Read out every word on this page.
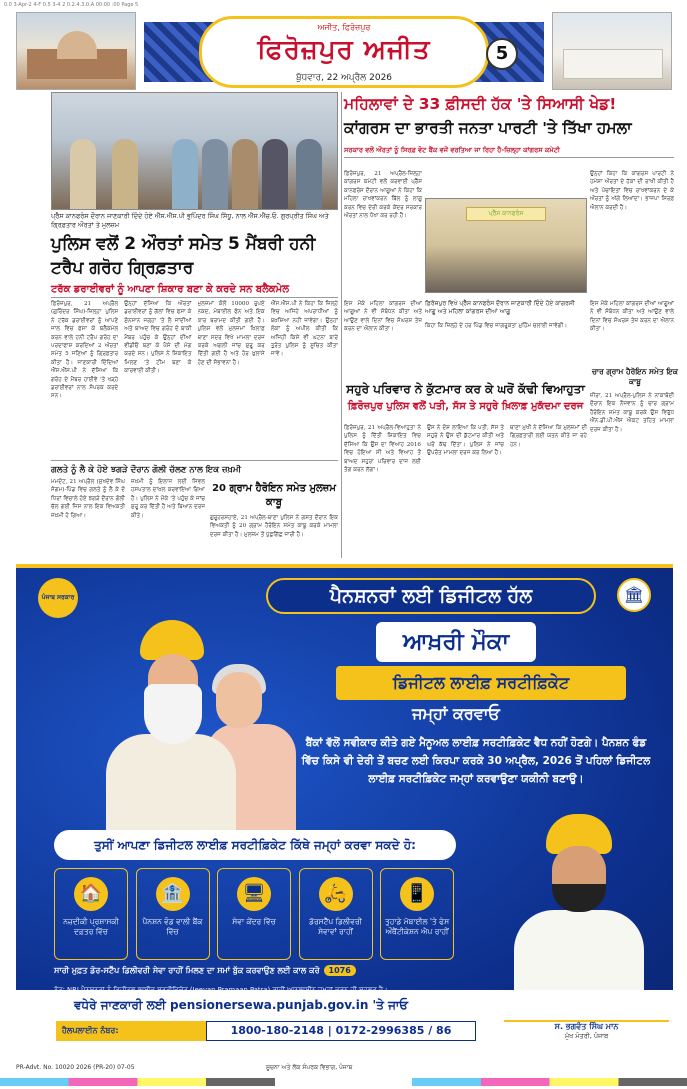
0.0 3-Apr-2 4-F 0.5 3-4 2 0.2.4.3.0.A 00:00 :00 Page 5
ਅਜੀਤ, ਫਿਰੋਜ਼ਪੁਰ
ਫਿਰੋਜ਼ਪੁਰ ਅਜੀਤ
ਬੁੱਧਵਾਰ, 22 ਅਪ੍ਰੈਲ 2026
5
ਪ੍ਰੈੱਸ ਕਾਨਫਰੰਸ ਦੌਰਾਨ ਜਾਣਕਾਰੀ ਦਿੰਦੇ ਹੋਏ ਐੱਸ.ਐੱਸ.ਪੀ ਭੁਪਿੰਦਰ ਸਿੰਘ ਸਿੱਧੂ, ਨਾਲ ਐੱਸ.ਐੱਚ.ਓ. ਗੁਰਪ੍ਰੀਤ ਸਿੰਘ ਅਤੇ ਗ੍ਰਿਫ਼ਤਾਰ ਔਰਤਾਂ ਤੇ ਮੁਲਜ਼ਮ
ਪੁਲਿਸ ਵਲੋਂ 2 ਔਰਤਾਂ ਸਮੇਤ 5 ਮੈਂਬਰੀ ਹਨੀ ਟਰੈਪ ਗਰੋਹ ਗ੍ਰਿਫ਼ਤਾਰ
ਟਰੱਕ ਡਰਾਈਵਰਾਂ ਨੂੰ ਆਪਣਾ ਸ਼ਿਕਾਰ ਬਣਾ ਕੇ ਕਰਦੇ ਸਨ ਬਲੈਕਮੇਲ
ਫ਼ਿਰੋਜ਼ਪੁਰ, 21 ਅਪ੍ਰੈਲ (ਗੁਰਿੰਦਰ ਸਿੰਘ)-ਜ਼ਿਲ੍ਹਾ ਪੁਲਿਸ ਨੇ ਟਰੱਕ ਡਰਾਈਵਰਾਂ ਨੂੰ ਆਪਣੇ ਜਾਲ ਵਿਚ ਫਸਾ ਕੇ ਬਲੈਕਮੇਲ ਕਰਨ ਵਾਲੇ ਹਨੀ ਟਰੈਪ ਗਰੋਹ ਦਾ ਪਰਦਾਫਾਸ਼ ਕਰਦਿਆਂ 2 ਔਰਤਾਂ ਸਮੇਤ 5 ਜਣਿਆਂ ਨੂੰ ਗ੍ਰਿਫ਼ਤਾਰ ਕੀਤਾ ਹੈ। ਜਾਣਕਾਰੀ ਦਿੰਦਿਆਂ ਐੱਸ.ਐੱਸ.ਪੀ ਨੇ ਦੱਸਿਆ ਕਿ ਗਰੋਹ ਦੇ ਮੈਂਬਰ ਹਾਈਵੇ 'ਤੇ ਖੜ੍ਹੇ ਡਰਾਈਵਰਾਂ ਨਾਲ ਸੰਪਰਕ ਕਰਦੇ ਸਨ।
ਉਨ੍ਹਾਂ ਦੱਸਿਆ ਕਿ ਔਰਤਾਂ ਡਰਾਈਵਰਾਂ ਨੂੰ ਗੱਲਾਂ ਵਿਚ ਫਸਾ ਕੇ ਸੁੰਨਸਾਨ ਜਗ੍ਹਾ 'ਤੇ ਲੈ ਜਾਂਦੀਆਂ ਅਤੇ ਬਾਅਦ ਵਿਚ ਗਰੋਹ ਦੇ ਬਾਕੀ ਮੈਂਬਰ ਪਹੁੰਚ ਕੇ ਉਨ੍ਹਾਂ ਦੀਆਂ ਵੀਡੀਓ ਬਣਾ ਕੇ ਪੈਸੇ ਦੀ ਮੰਗ ਕਰਦੇ ਸਨ। ਪੁਲਿਸ ਨੇ ਸ਼ਿਕਾਇਤ ਮਿਲਣ 'ਤੇ ਟੀਮ ਬਣਾ ਕੇ ਕਾਰਵਾਈ ਕੀਤੀ।
ਮੁਲਜ਼ਮਾਂ ਕੋਲੋਂ 10000 ਰੁਪਏ ਨਕਦ, ਮੋਬਾਈਲ ਫੋਨ ਅਤੇ ਇਕ ਕਾਰ ਬਰਾਮਦ ਕੀਤੀ ਗਈ ਹੈ। ਪੁਲਿਸ ਵਲੋਂ ਮੁਲਜ਼ਮਾਂ ਖ਼ਿਲਾਫ਼ ਥਾਣਾ ਸਦਰ ਵਿਖੇ ਮਾਮਲਾ ਦਰਜ ਕਰਕੇ ਅਗਲੀ ਜਾਂਚ ਸ਼ੁਰੂ ਕਰ ਦਿੱਤੀ ਗਈ ਹੈ ਅਤੇ ਹੋਰ ਖ਼ੁਲਾਸੇ ਹੋਣ ਦੀ ਸੰਭਾਵਨਾ ਹੈ।
ਐੱਸ.ਐੱਸ.ਪੀ ਨੇ ਕਿਹਾ ਕਿ ਜ਼ਿਲ੍ਹੇ ਵਿਚ ਅਜਿਹੇ ਅਪਰਾਧੀਆਂ ਨੂੰ ਬਖ਼ਸ਼ਿਆ ਨਹੀਂ ਜਾਵੇਗਾ। ਉਨ੍ਹਾਂ ਲੋਕਾਂ ਨੂੰ ਅਪੀਲ ਕੀਤੀ ਕਿ ਅਜਿਹੀ ਕਿਸੇ ਵੀ ਘਟਨਾ ਬਾਰੇ ਤੁਰੰਤ ਪੁਲਿਸ ਨੂੰ ਸੂਚਿਤ ਕੀਤਾ ਜਾਵੇ।
ਗਲਤੇ ਨੂੰ ਲੈ ਕੇ ਹੋਏ ਝਗੜੇ ਦੌਰਾਨ ਗੋਲੀ ਚੱਲਣ ਨਾਲ ਇਕ ਜ਼ਖ਼ਮੀ
ਮਮਦੋਟ, 21 ਅਪ੍ਰੈਲ (ਸੁਖਦੇਵ ਸਿੰਘ ਸੰਗਮ)-ਪਿੰਡ ਵਿਚ ਗਲਤੇ ਨੂੰ ਲੈ ਕੇ ਦੋ ਧਿਰਾਂ ਵਿਚਾਲੇ ਹੋਏ ਝਗੜੇ ਦੌਰਾਨ ਗੋਲੀ ਚੱਲ ਗਈ ਜਿਸ ਨਾਲ ਇਕ ਵਿਅਕਤੀ ਜ਼ਖ਼ਮੀ ਹੋ ਗਿਆ।
ਜ਼ਖ਼ਮੀ ਨੂੰ ਇਲਾਜ ਲਈ ਸਿਵਲ ਹਸਪਤਾਲ ਦਾਖ਼ਲ ਕਰਵਾਇਆ ਗਿਆ ਹੈ। ਪੁਲਿਸ ਨੇ ਮੌਕੇ 'ਤੇ ਪਹੁੰਚ ਕੇ ਜਾਂਚ ਸ਼ੁਰੂ ਕਰ ਦਿੱਤੀ ਹੈ ਅਤੇ ਬਿਆਨ ਦਰਜ ਕੀਤੇ।
20 ਗ੍ਰਾਮ ਹੈਰੋਇਨ ਸਮੇਤ ਮੁਲਜ਼ਮ ਕਾਬੂ
ਗੁਰੂਹਰਸਹਾਏ, 21 ਅਪ੍ਰੈਲ-ਥਾਣਾ ਪੁਲਿਸ ਨੇ ਗਸ਼ਤ ਦੌਰਾਨ ਇਕ ਵਿਅਕਤੀ ਨੂੰ 20 ਗ੍ਰਾਮ ਹੈਰੋਇਨ ਸਮੇਤ ਕਾਬੂ ਕਰਕੇ ਮਾਮਲਾ ਦਰਜ ਕੀਤਾ ਹੈ। ਮੁਲਜ਼ਮ ਤੋਂ ਪੁੱਛਗਿੱਛ ਜਾਰੀ ਹੈ।
ਮਹਿਲਾਵਾਂ ਦੇ 33 ਫ਼ੀਸਦੀ ਹੱਕ 'ਤੇ ਸਿਆਸੀ ਖੇਡ!
ਕਾਂਗਰਸ ਦਾ ਭਾਰਤੀ ਜਨਤਾ ਪਾਰਟੀ 'ਤੇ ਤਿੱਖਾ ਹਮਲਾ
ਸਰਕਾਰ ਵਲੋਂ ਔਰਤਾਂ ਨੂੰ ਸਿਰਫ਼ ਵੋਟ ਬੈਂਕ ਵਜੋਂ ਵਰਤਿਆ ਜਾ ਰਿਹਾ ਹੈ-ਜ਼ਿਲ੍ਹਾ ਕਾਂਗਰਸ ਕਮੇਟੀ
ਫ਼ਿਰੋਜ਼ਪੁਰ, 21 ਅਪ੍ਰੈਲ-ਜ਼ਿਲ੍ਹਾ ਕਾਂਗਰਸ ਕਮੇਟੀ ਵਲੋਂ ਕਰਵਾਈ ਪ੍ਰੈੱਸ ਕਾਨਫਰੰਸ ਦੌਰਾਨ ਆਗੂਆਂ ਨੇ ਕਿਹਾ ਕਿ ਮਹਿਲਾ ਰਾਖਵਾਂਕਰਨ ਬਿੱਲ ਨੂੰ ਲਾਗੂ ਕਰਨ ਵਿਚ ਦੇਰੀ ਕਰਕੇ ਕੇਂਦਰ ਸਰਕਾਰ ਔਰਤਾਂ ਨਾਲ ਧੋਖਾ ਕਰ ਰਹੀ ਹੈ।
ਉਨ੍ਹਾਂ ਕਿਹਾ ਕਿ ਕਾਂਗਰਸ ਪਾਰਟੀ ਨੇ ਹਮੇਸ਼ਾ ਔਰਤਾਂ ਦੇ ਹੱਕਾਂ ਦੀ ਰਾਖੀ ਕੀਤੀ ਹੈ ਅਤੇ ਪੰਚਾਇਤਾਂ ਵਿਚ ਰਾਖਵਾਂਕਰਨ ਦੇ ਕੇ ਔਰਤਾਂ ਨੂੰ ਅੱਗੇ ਲਿਆਂਦਾ। ਭਾਜਪਾ ਸਿਰਫ਼ ਐਲਾਨ ਕਰਦੀ ਹੈ।
ਪ੍ਰੈੱਸ ਕਾਨਫਰੰਸ
ਇਸ ਮੌਕੇ ਮਹਿਲਾ ਕਾਂਗਰਸ ਦੀਆਂ ਆਗੂਆਂ ਨੇ ਵੀ ਸੰਬੋਧਨ ਕੀਤਾ ਅਤੇ ਆਉਣ ਵਾਲੇ ਦਿਨਾਂ ਵਿਚ ਸੰਘਰਸ਼ ਤੇਜ਼ ਕਰਨ ਦਾ ਐਲਾਨ ਕੀਤਾ।
ਫ਼ਿਰੋਜ਼ਪੁਰ ਵਿਖੇ ਪ੍ਰੈੱਸ ਕਾਨਫਰੰਸ ਦੌਰਾਨ ਜਾਣਕਾਰੀ ਦਿੰਦੇ ਹੋਏ ਕਾਂਗਰਸੀ ਆਗੂ ਅਤੇ ਮਹਿਲਾ ਕਾਂਗਰਸ ਦੀਆਂ ਆਗੂ
ਕਿਹਾ ਕਿ ਜ਼ਿਲ੍ਹੇ ਦੇ ਹਰ ਪਿੰਡ ਵਿਚ ਜਾਗਰੂਕਤਾ ਮੁਹਿੰਮ ਚਲਾਈ ਜਾਵੇਗੀ।
ਇਸ ਮੌਕੇ ਮਹਿਲਾ ਕਾਂਗਰਸ ਦੀਆਂ ਆਗੂਆਂ ਨੇ ਵੀ ਸੰਬੋਧਨ ਕੀਤਾ ਅਤੇ ਆਉਣ ਵਾਲੇ ਦਿਨਾਂ ਵਿਚ ਸੰਘਰਸ਼ ਤੇਜ਼ ਕਰਨ ਦਾ ਐਲਾਨ ਕੀਤਾ।
ਚਾਰ ਗ੍ਰਾਮ ਹੈਰੋਇਨ ਸਮੇਤ ਇਕ ਕਾਬੂ
ਜ਼ੀਰਾ, 21 ਅਪ੍ਰੈਲ-ਪੁਲਿਸ ਨੇ ਨਾਕਾਬੰਦੀ ਦੌਰਾਨ ਇਕ ਨੌਜਵਾਨ ਨੂੰ ਚਾਰ ਗ੍ਰਾਮ ਹੈਰੋਇਨ ਸਮੇਤ ਕਾਬੂ ਕਰਕੇ ਉਸ ਵਿਰੁੱਧ ਐੱਨ.ਡੀ.ਪੀ.ਐੱਸ ਐਕਟ ਤਹਿਤ ਮਾਮਲਾ ਦਰਜ ਕੀਤਾ ਹੈ।
ਸਹੁਰੇ ਪਰਿਵਾਰ ਨੇ ਕੁੱਟਮਾਰ ਕਰ ਕੇ ਘਰੋਂ ਕੱਢੀ ਵਿਆਹੁਤਾ
ਫ਼ਿਰੋਜ਼ਪੁਰ ਪੁਲਿਸ ਵਲੋਂ ਪਤੀ, ਸੱਸ ਤੇ ਸਹੁਰੇ ਖ਼ਿਲਾਫ਼ ਮੁਕੱਦਮਾ ਦਰਜ
ਫ਼ਿਰੋਜ਼ਪੁਰ, 21 ਅਪ੍ਰੈਲ-ਵਿਆਹੁਤਾ ਨੇ ਪੁਲਿਸ ਨੂੰ ਦਿੱਤੀ ਸ਼ਿਕਾਇਤ ਵਿਚ ਦੱਸਿਆ ਕਿ ਉਸ ਦਾ ਵਿਆਹ 2016 ਵਿਚ ਹੋਇਆ ਸੀ ਅਤੇ ਵਿਆਹ ਤੋਂ ਬਾਅਦ ਸਹੁਰਾ ਪਰਿਵਾਰ ਦਾਜ ਲਈ ਤੰਗ ਕਰਨ ਲੱਗਾ।
ਉਸ ਨੇ ਦੋਸ਼ ਲਾਇਆ ਕਿ ਪਤੀ, ਸੱਸ ਤੇ ਸਹੁਰੇ ਨੇ ਉਸ ਦੀ ਕੁੱਟਮਾਰ ਕੀਤੀ ਅਤੇ ਘਰੋਂ ਕੱਢ ਦਿੱਤਾ। ਪੁਲਿਸ ਨੇ ਜਾਂਚ ਉਪਰੰਤ ਮਾਮਲਾ ਦਰਜ ਕਰ ਲਿਆ ਹੈ।
ਥਾਣਾ ਮੁਖੀ ਨੇ ਦੱਸਿਆ ਕਿ ਮੁਲਜ਼ਮਾਂ ਦੀ ਗ੍ਰਿਫ਼ਤਾਰੀ ਲਈ ਯਤਨ ਕੀਤੇ ਜਾ ਰਹੇ ਹਨ।
ਪੰਜਾਬ ਸਰਕਾਰ	ਪੈਨਸ਼ਨਰਾਂ ਲਈ ਡਿਜੀਟਲ ਹੱਲ	🏛
ਆਖ਼ਰੀ ਮੌਕਾ
ਡਿਜੀਟਲ ਲਾਈਫ਼ ਸਰਟੀਫ਼ਿਕੇਟ
ਜਮ੍ਹਾਂ ਕਰਵਾਓ
ਬੈਂਕਾਂ ਵੱਲੋਂ ਸਵੀਕਾਰ ਕੀਤੇ ਗਏ ਮੈਨੂਅਲ ਲਾਈਫ਼ ਸਰਟੀਫ਼ਿਕੇਟ ਵੈਧ ਨਹੀਂ ਹੋਣਗੇ। ਪੈਨਸ਼ਨ ਫੰਡ ਵਿੱਚ ਕਿਸੇ ਵੀ ਦੇਰੀ ਤੋਂ ਬਚਣ ਲਈ ਕਿਰਪਾ ਕਰਕੇ 30 ਅਪ੍ਰੈਲ, 2026 ਤੋਂ ਪਹਿਲਾਂ ਡਿਜੀਟਲ ਲਾਈਫ਼ ਸਰਟੀਫ਼ਿਕੇਟ ਜਮ੍ਹਾਂ ਕਰਵਾਉਣਾ ਯਕੀਨੀ ਬਣਾਉ।
ਤੁਸੀਂ ਆਪਣਾ ਡਿਜੀਟਲ ਲਾਈਫ਼ ਸਰਟੀਫ਼ਿਕੇਟ ਕਿੱਥੇ ਜਮ੍ਹਾਂ ਕਰਵਾ ਸਕਦੇ ਹੋ:
🏠
ਨਜ਼ਦੀਕੀ ਪ੍ਰਸ਼ਾਸਕੀ ਦਫ਼ਤਰ ਵਿੱਚ
🏦
ਪੈਨਸ਼ਨ ਵੰਡ ਵਾਲੀ ਬੈਂਕ ਵਿੱਚ
🖥
ਸੇਵਾ ਕੇਂਦਰ ਵਿੱਚ
🛵
ਡੋਰਸਟੈੱਪ ਡਿਲੀਵਰੀ ਸੇਵਾਵਾਂ ਰਾਹੀਂ
📱
ਤੁਹਾਡੇ ਮੋਬਾਈਲ 'ਤੇ ਫੇਸ ਔਥੈਂਟੀਕੇਸ਼ਨ ਐਪ ਰਾਹੀਂ
ਸਾਰੀ ਮੁਫ਼ਤ ਡੋਰ-ਸਟੈੱਪ ਡਿਲੀਵਰੀ ਸੇਵਾ ਰਾਹੀਂ ਮਿਲਣ ਦਾ ਸਮਾਂ ਬੁੱਕ ਕਰਵਾਉਣ ਲਈ ਕਾਲ ਕਰੋ 1076
ਵਧੇਰੇ ਜਾਣਕਾਰੀ ਲਈ pensionersewa.punjab.gov.in 'ਤੇ ਜਾਓ
ਹੈਲਪਲਾਈਨ ਨੰਬਰ:	1800-180-2148 | 0172-2996385 / 86	ਸ. ਭਗਵੰਤ ਸਿੰਘ ਮਾਨ
ਮੁੱਖ ਮੰਤਰੀ, ਪੰਜਾਬ
PR-Advt. No. 10020 2026 (PR-20) 07-05	ਸੂਚਨਾ ਅਤੇ ਲੋਕ ਸੰਪਰਕ ਵਿਭਾਗ, ਪੰਜਾਬ
